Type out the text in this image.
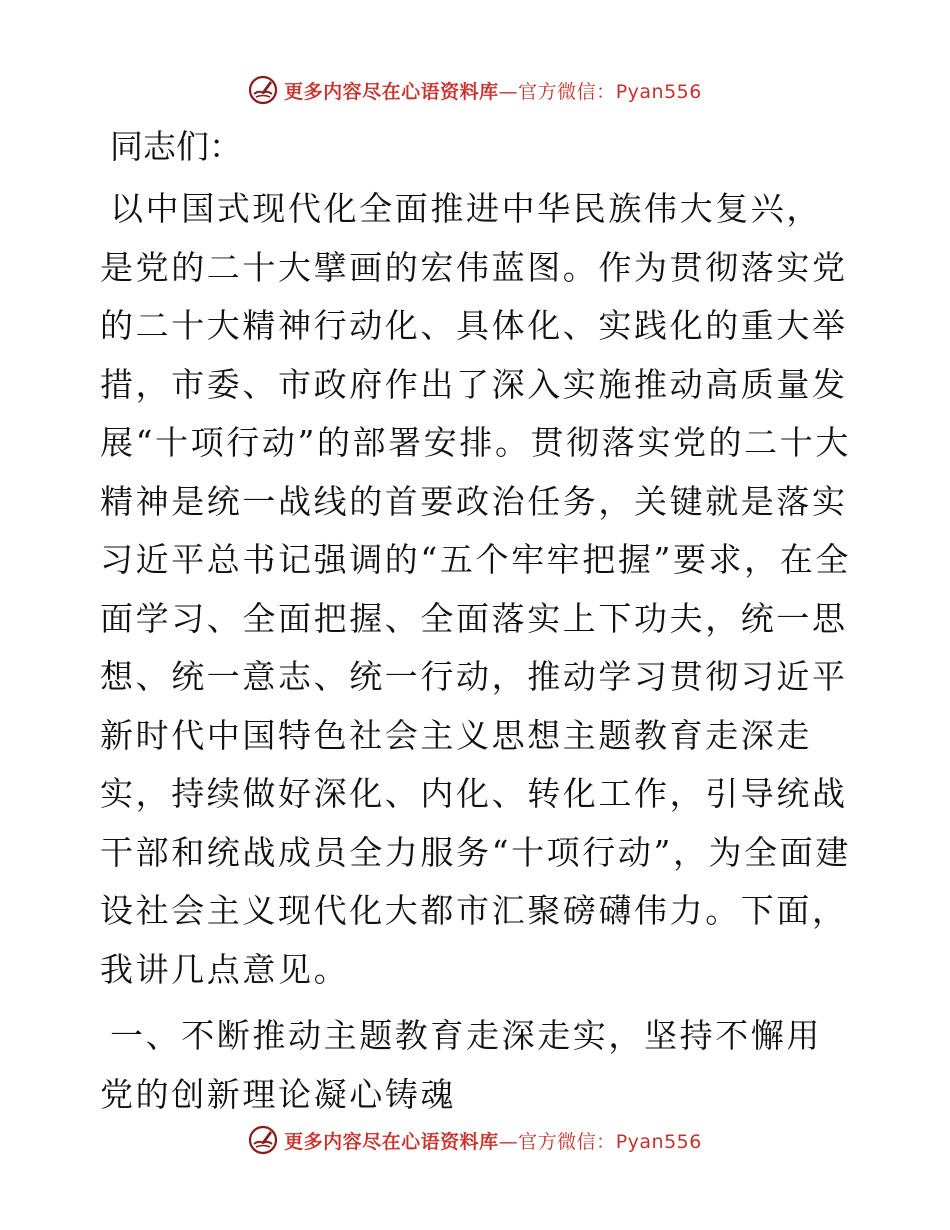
更多内容尽在心语资料库—官方微信：Pyan556

同志们：

以中国式现代化全面推进中华民族伟大复兴，是党的二十大擘画的宏伟蓝图。作为贯彻落实党的二十大精神行动化、具体化、实践化的重大举措，市委、市政府作出了深入实施推动高质量发展“十项行动”的部署安排。贯彻落实党的二十大精神是统一战线的首要政治任务，关键就是落实习近平总书记强调的“五个牢牢把握”要求，在全面学习、全面把握、全面落实上下功夫，统一思想、统一意志、统一行动，推动学习贯彻习近平新时代中国特色社会主义思想主题教育走深走实，持续做好深化、内化、转化工作，引导统战干部和统战成员全力服务“十项行动”，为全面建设社会主义现代化大都市汇聚磅礴伟力。下面，我讲几点意见。

一、不断推动主题教育走深走实，坚持不懈用党的创新理论凝心铸魂

更多内容尽在心语资料库—官方微信：Pyan556
